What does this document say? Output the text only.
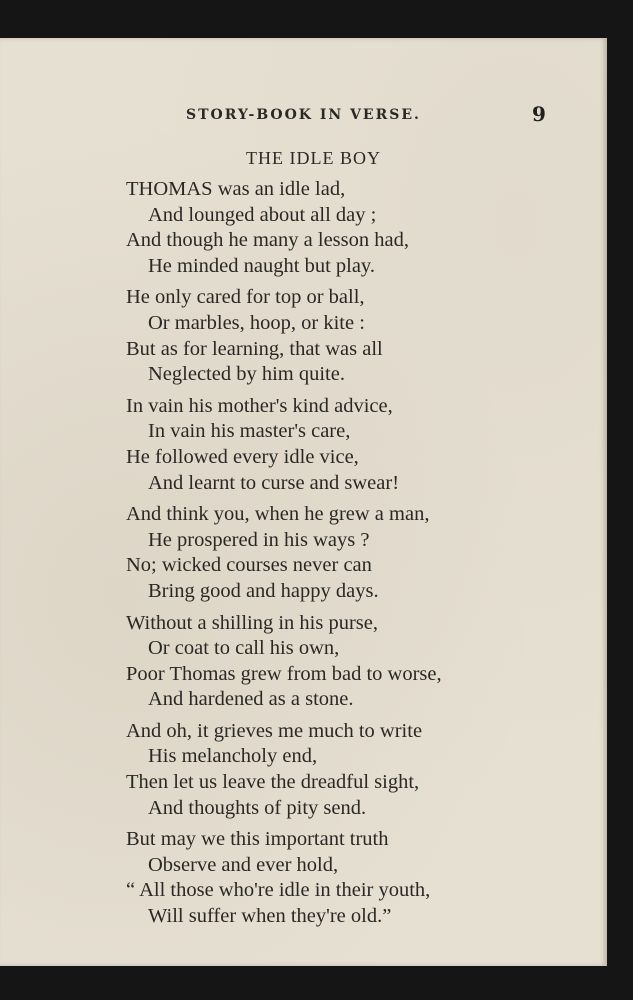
STORY-BOOK IN VERSE.	9
THE IDLE BOY
THOMAS was an idle lad,
And lounged about all day ;
And though he many a lesson had,
He minded naught but play.
He only cared for top or ball,
Or marbles, hoop, or kite :
But as for learning, that was all
Neglected by him quite.
In vain his mother's kind advice,
In vain his master's care,
He followed every idle vice,
And learnt to curse and swear!
And think you, when he grew a man,
He prospered in his ways ?
No; wicked courses never can
Bring good and happy days.
Without a shilling in his purse,
Or coat to call his own,
Poor Thomas grew from bad to worse,
And hardened as a stone.
And oh, it grieves me much to write
His melancholy end,
Then let us leave the dreadful sight,
And thoughts of pity send.
But may we this important truth
Observe and ever hold,
“ All those who're idle in their youth,
Will suffer when they're old.”
